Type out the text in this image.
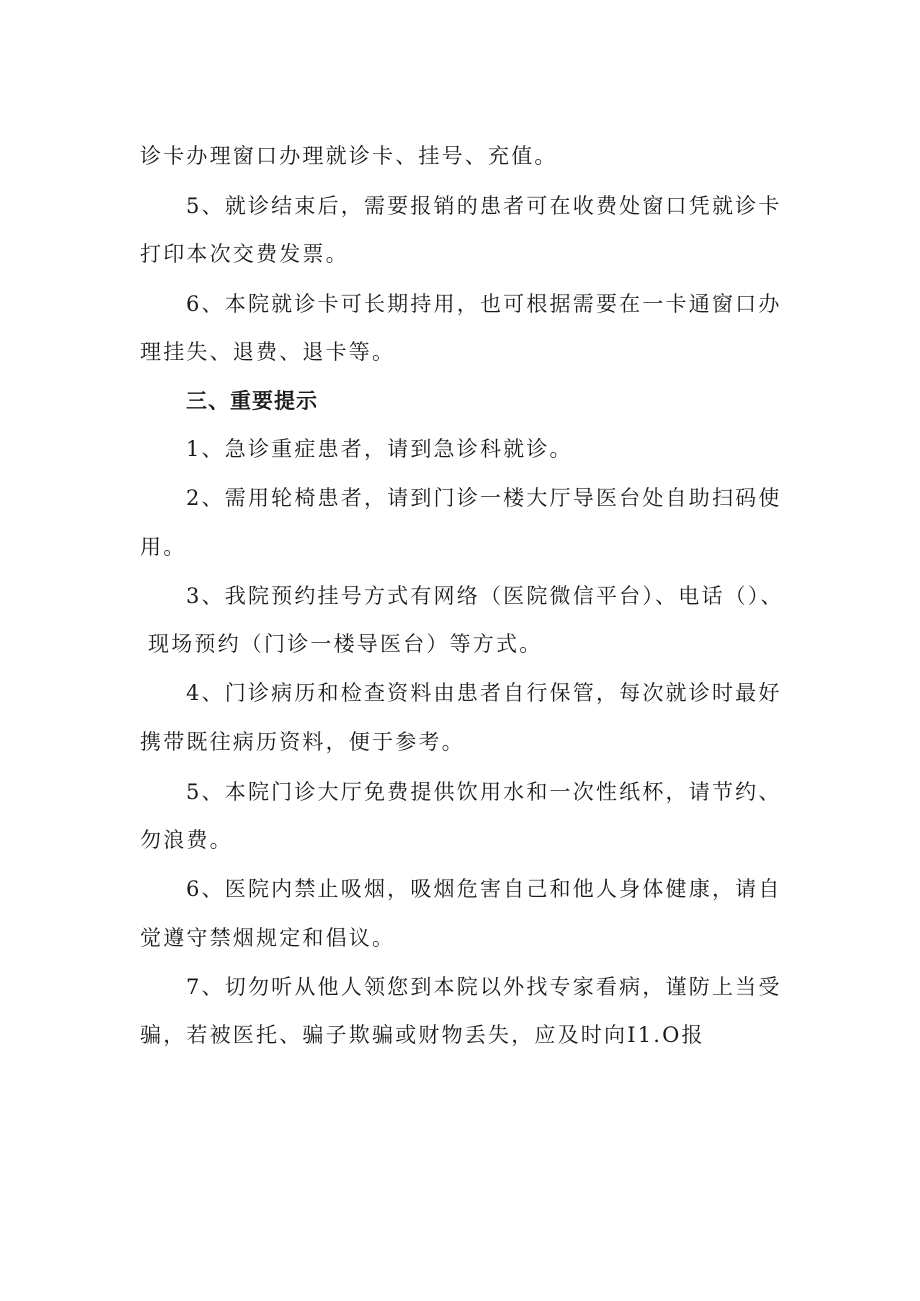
诊卡办理窗口办理就诊卡、挂号、充值。
5、就诊结束后，需要报销的患者可在收费处窗口凭就诊卡
打印本次交费发票。
6、本院就诊卡可长期持用，也可根据需要在一卡通窗口办
理挂失、退费、退卡等。
三、重要提示
1、急诊重症患者，请到急诊科就诊。
2、需用轮椅患者，请到门诊一楼大厅导医台处自助扫码使
用。
3、我院预约挂号方式有网络（医院微信平台）、电话（）、
现场预约（门诊一楼导医台）等方式。
4、门诊病历和检查资料由患者自行保管，每次就诊时最好
携带既往病历资料，便于参考。
5、本院门诊大厅免费提供饮用水和一次性纸杯，请节约、
勿浪费。
6、医院内禁止吸烟，吸烟危害自己和他人身体健康，请自
觉遵守禁烟规定和倡议。
7、切勿听从他人领您到本院以外找专家看病，谨防上当受
骗，若被医托、骗子欺骗或财物丢失，应及时向I1.O报
